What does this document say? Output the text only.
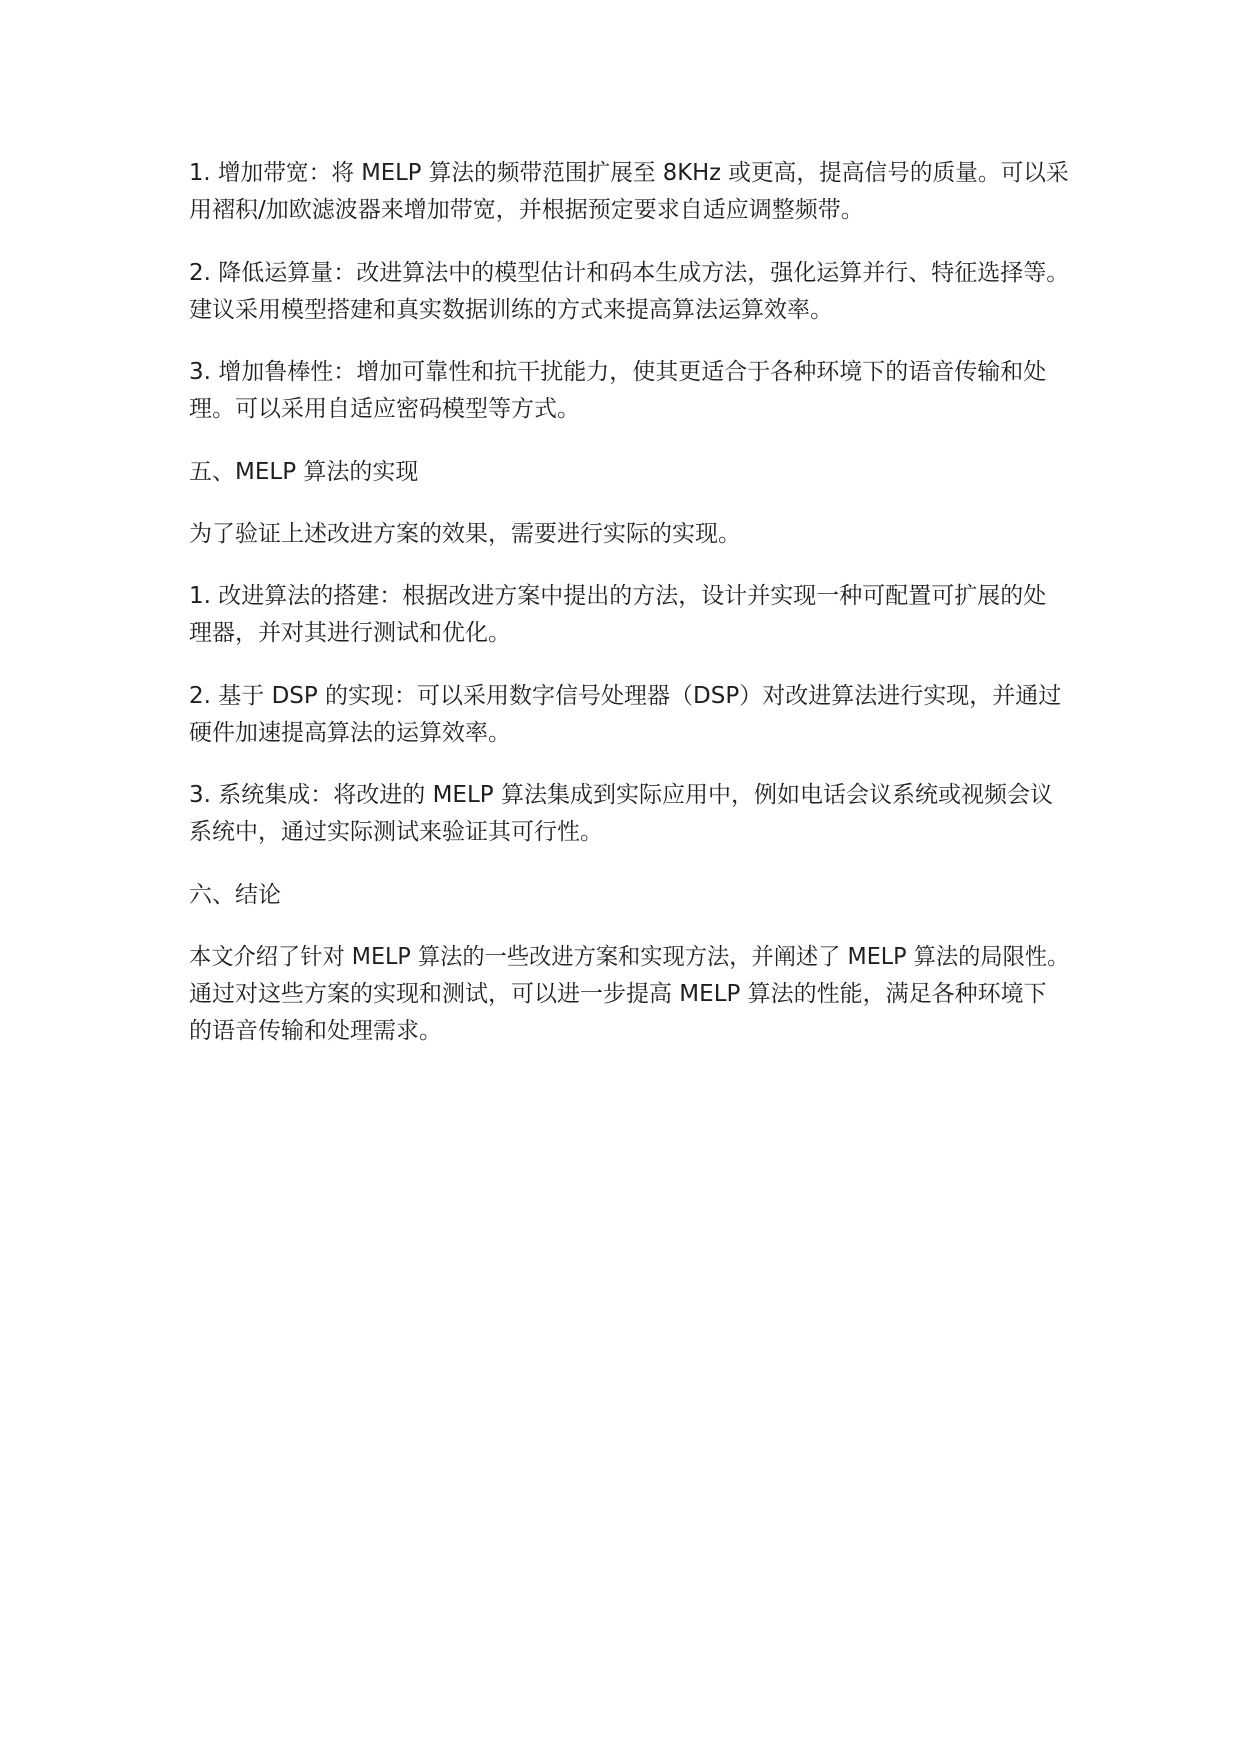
1. 增加带宽：将 MELP 算法的频带范围扩展至 8KHz 或更高，提高信号的质量。可以采
用褶积/加欧滤波器来增加带宽，并根据预定要求自适应调整频带。
2. 降低运算量：改进算法中的模型估计和码本生成方法，强化运算并行、特征选择等。
建议采用模型搭建和真实数据训练的方式来提高算法运算效率。
3. 增加鲁棒性：增加可靠性和抗干扰能力，使其更适合于各种环境下的语音传输和处
理。可以采用自适应密码模型等方式。
五、MELP 算法的实现
为了验证上述改进方案的效果，需要进行实际的实现。
1. 改进算法的搭建：根据改进方案中提出的方法，设计并实现一种可配置可扩展的处
理器，并对其进行测试和优化。
2. 基于 DSP 的实现：可以采用数字信号处理器（DSP）对改进算法进行实现，并通过
硬件加速提高算法的运算效率。
3. 系统集成：将改进的 MELP 算法集成到实际应用中，例如电话会议系统或视频会议
系统中，通过实际测试来验证其可行性。
六、结论
本文介绍了针对 MELP 算法的一些改进方案和实现方法，并阐述了 MELP 算法的局限性。
通过对这些方案的实现和测试，可以进一步提高 MELP 算法的性能，满足各种环境下
的语音传输和处理需求。
